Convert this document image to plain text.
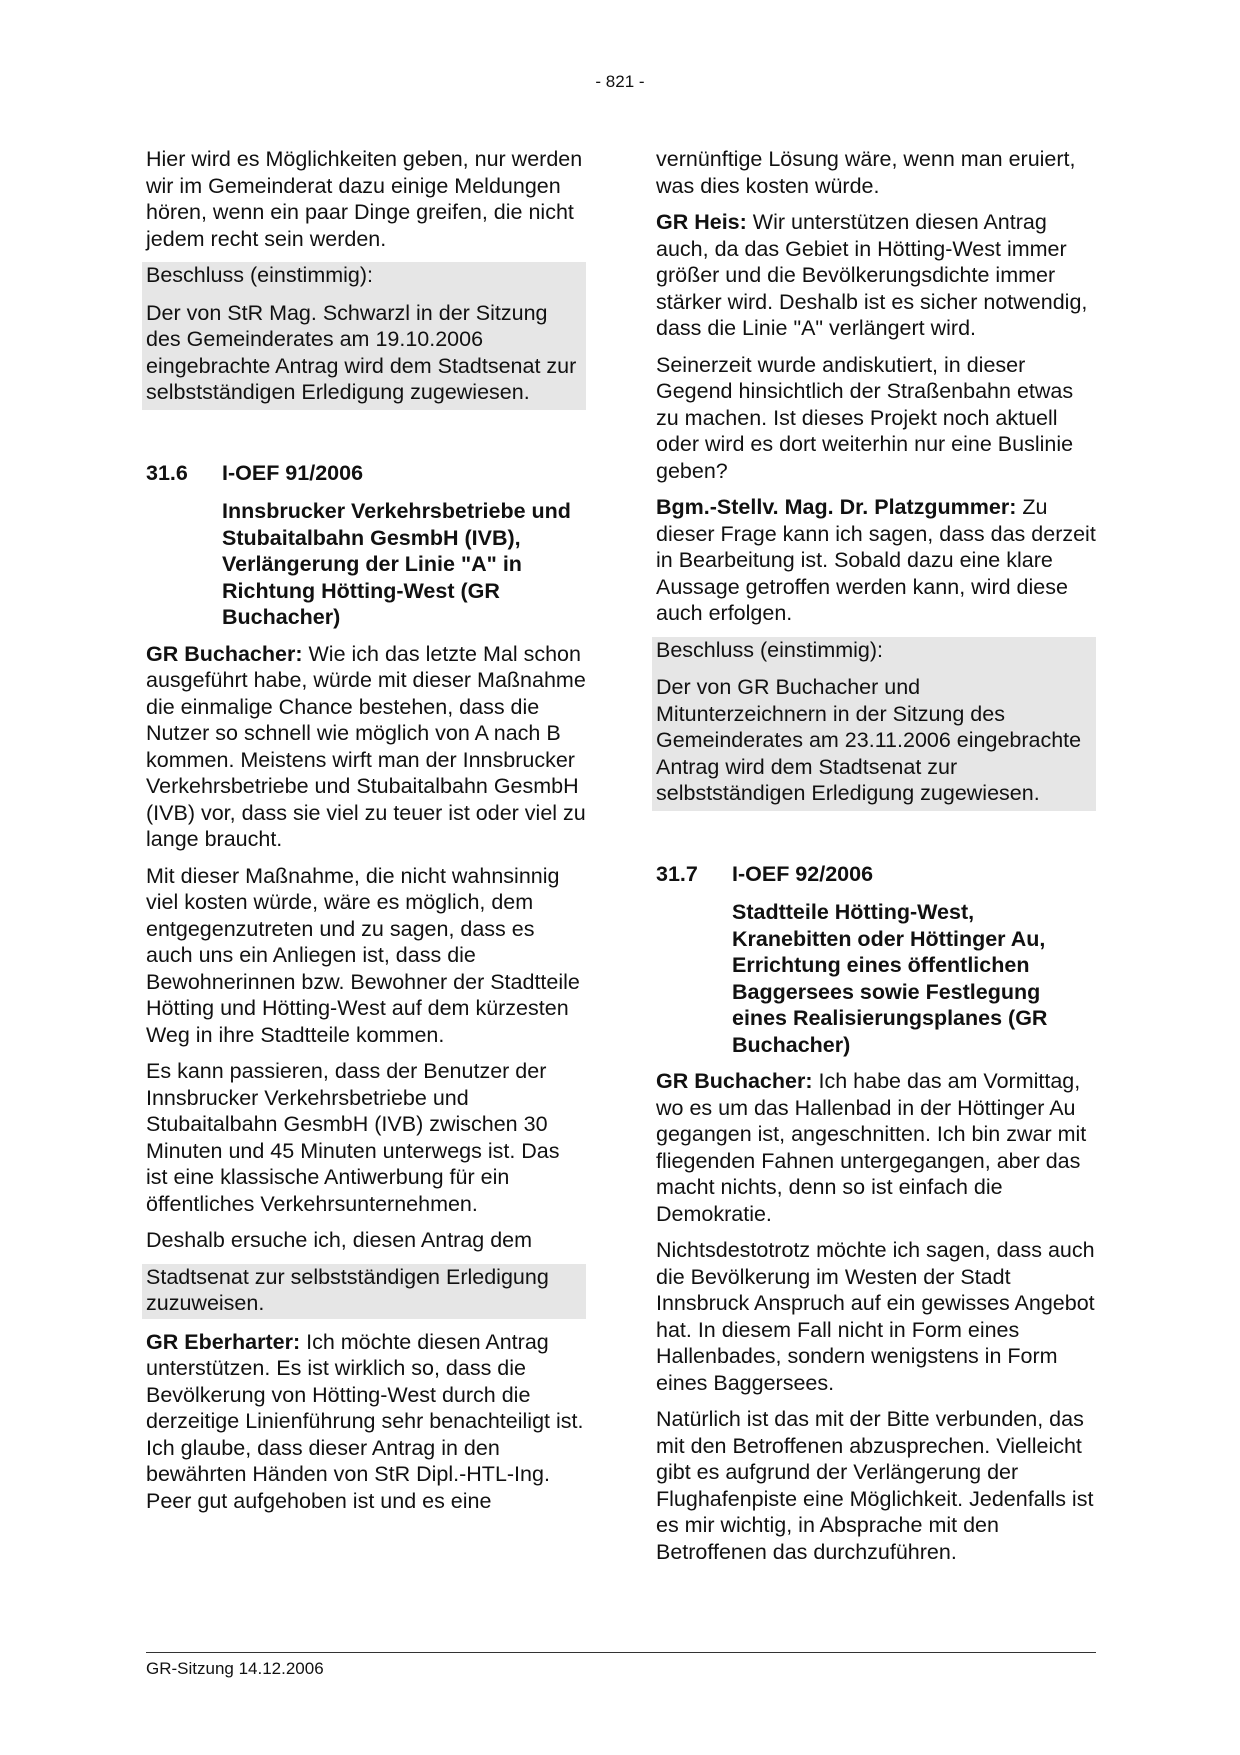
- 821 -

Hier wird es Möglichkeiten geben, nur werden wir im Gemeinderat dazu einige Meldungen hören, wenn ein paar Dinge greifen, die nicht jedem recht sein werden.

Beschluss (einstimmig):

Der von StR Mag. Schwarzl in der Sitzung des Gemeinderates am 19.10.2006 eingebrachte Antrag wird dem Stadtsenat zur selbstständigen Erledigung zugewiesen.

31.6	I-OEF 91/2006

Innsbrucker Verkehrsbetriebe und Stubaitalbahn GesmbH (IVB), Verlängerung der Linie "A" in Richtung Hötting-West (GR Buchacher)

GR Buchacher: Wie ich das letzte Mal schon ausgeführt habe, würde mit dieser Maßnahme die einmalige Chance bestehen, dass die Nutzer so schnell wie möglich von A nach B kommen. Meistens wirft man der Innsbrucker Verkehrsbetriebe und Stubaitalbahn GesmbH (IVB) vor, dass sie viel zu teuer ist oder viel zu lange braucht.

Mit dieser Maßnahme, die nicht wahnsinnig viel kosten würde, wäre es möglich, dem entgegenzutreten und zu sagen, dass es auch uns ein Anliegen ist, dass die Bewohnerinnen bzw. Bewohner der Stadtteile Hötting und Hötting-West auf dem kürzesten Weg in ihre Stadtteile kommen.

Es kann passieren, dass der Benutzer der Innsbrucker Verkehrsbetriebe und Stubaitalbahn GesmbH (IVB) zwischen 30 Minuten und 45 Minuten unterwegs ist. Das ist eine klassische Antiwerbung für ein öffentliches Verkehrsunternehmen.

Deshalb ersuche ich, diesen Antrag dem

Stadtsenat zur selbstständigen Erledigung zuzuweisen.

GR Eberharter: Ich möchte diesen Antrag unterstützen. Es ist wirklich so, dass die Bevölkerung von Hötting-West durch die derzeitige Linienführung sehr benachteiligt ist. Ich glaube, dass dieser Antrag in den bewährten Händen von StR Dipl.-HTL-Ing. Peer gut aufgehoben ist und es eine

vernünftige Lösung wäre, wenn man eruiert, was dies kosten würde.

GR Heis: Wir unterstützen diesen Antrag auch, da das Gebiet in Hötting-West immer größer und die Bevölkerungsdichte immer stärker wird. Deshalb ist es sicher notwendig, dass die Linie "A" verlängert wird.

Seinerzeit wurde andiskutiert, in dieser Gegend hinsichtlich der Straßenbahn etwas zu machen. Ist dieses Projekt noch aktuell oder wird es dort weiterhin nur eine Buslinie geben?

Bgm.-Stellv. Mag. Dr. Platzgummer: Zu dieser Frage kann ich sagen, dass das derzeit in Bearbeitung ist. Sobald dazu eine klare Aussage getroffen werden kann, wird diese auch erfolgen.

Beschluss (einstimmig):

Der von GR Buchacher und Mitunterzeichnern in der Sitzung des Gemeinderates am 23.11.2006 eingebrachte Antrag wird dem Stadtsenat zur selbstständigen Erledigung zugewiesen.

31.7	I-OEF 92/2006

Stadtteile Hötting-West, Kranebitten oder Höttinger Au, Errichtung eines öffentlichen Baggersees sowie Festlegung eines Realisierungsplanes (GR Buchacher)

GR Buchacher: Ich habe das am Vormittag, wo es um das Hallenbad in der Höttinger Au gegangen ist, angeschnitten. Ich bin zwar mit fliegenden Fahnen untergegangen, aber das macht nichts, denn so ist einfach die Demokratie.

Nichtsdestotrotz möchte ich sagen, dass auch die Bevölkerung im Westen der Stadt Innsbruck Anspruch auf ein gewisses Angebot hat. In diesem Fall nicht in Form eines Hallenbades, sondern wenigstens in Form eines Baggersees.

Natürlich ist das mit der Bitte verbunden, das mit den Betroffenen abzusprechen. Vielleicht gibt es aufgrund der Verlängerung der Flughafenpiste eine Möglichkeit. Jedenfalls ist es mir wichtig, in Absprache mit den Betroffenen das durchzuführen.

GR-Sitzung 14.12.2006
